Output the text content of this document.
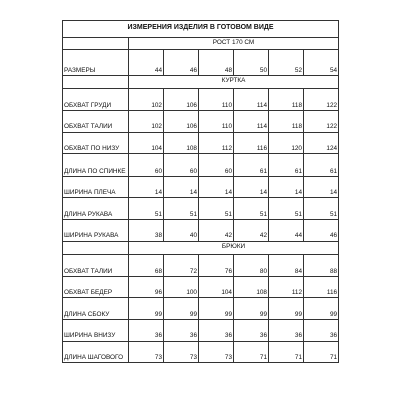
ИЗМЕРЕНИЯ ИЗДЕЛИЯ В ГОТОВОМ ВИДЕ						
	РОСТ 170 СМ					
РАЗМЕРЫ	44	46	48	50	52	54
	КУРТКА					
ОБХВАТ ГРУДИ	102	106	110	114	118	122
ОБХВАТ ТАЛИИ	102	106	110	114	118	122
ОБХВАТ ПО НИЗУ	104	108	112	116	120	124
ДЛИНА ПО СПИНКЕ	60	60	60	61	61	61
ШИРИНА ПЛЕЧА	14	14	14	14	14	14
ДЛИНА РУКАВА	51	51	51	51	51	51
ШИРИНА РУКАВА	38	40	42	42	44	46
	БРЮКИ					
ОБХВАТ ТАЛИИ	68	72	76	80	84	88
ОБХВАТ БЕДЕР	96	100	104	108	112	116
ДЛИНА СБОКУ	99	99	99	99	99	99
ШИРИНА ВНИЗУ	36	36	36	36	36	36
ДЛИНА ШАГОВОГО	73	73	73	71	71	71
